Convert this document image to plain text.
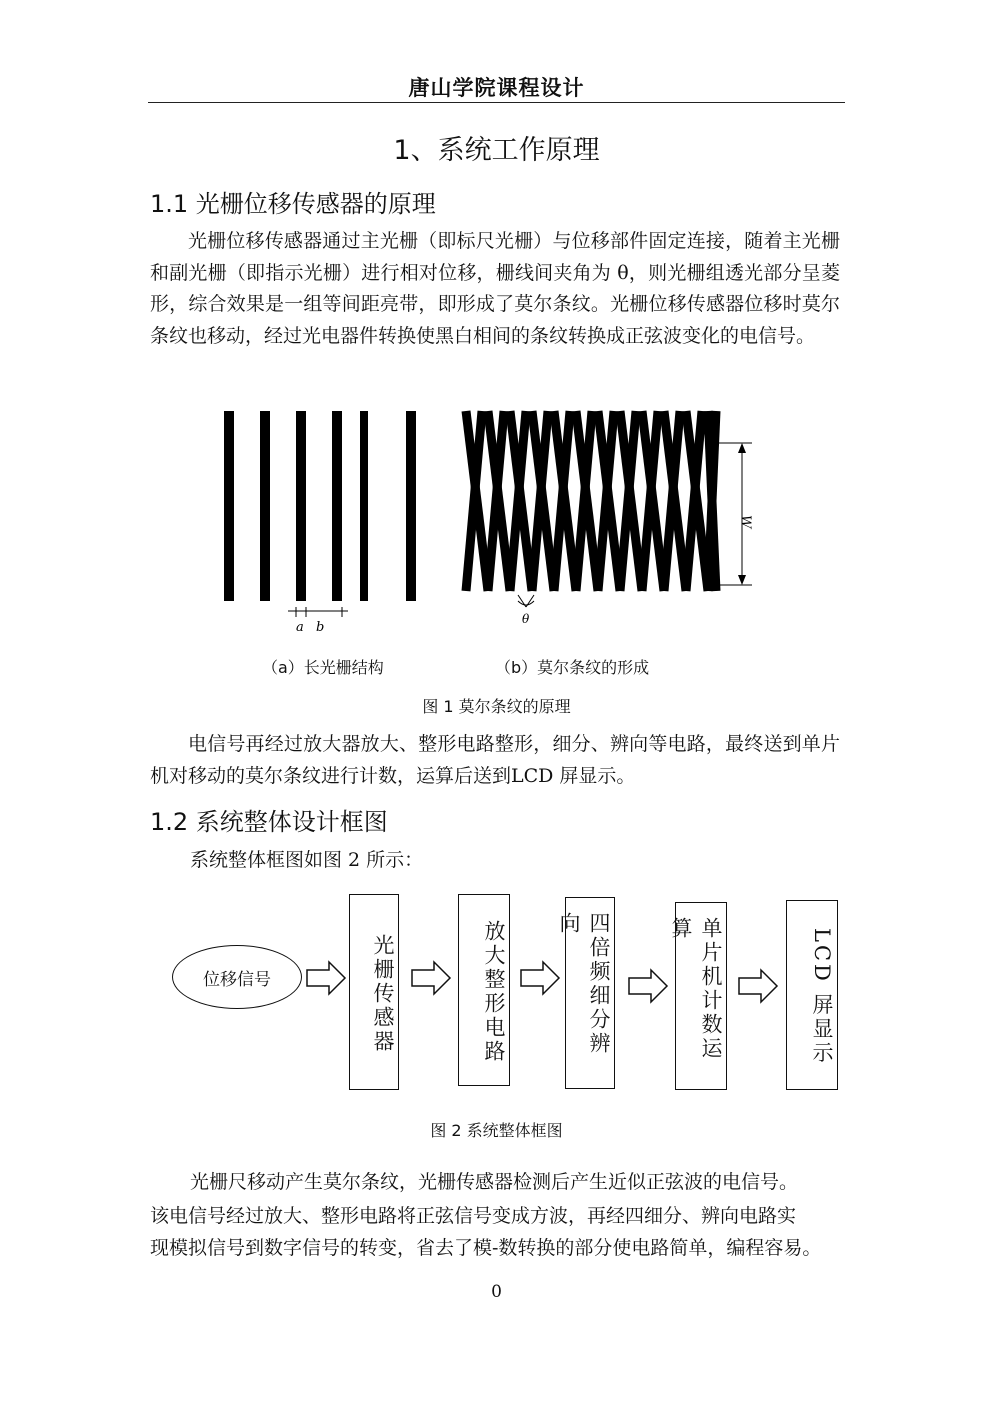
唐山学院课程设计
1、系统工作原理
1.1 光栅位移传感器的原理
光栅位移传感器通过主光栅（即标尺光栅）与位移部件固定连接，随着主光栅和副光栅（即指示光栅）进行相对位移，栅线间夹角为 θ，则光栅组透光部分呈菱形，综合效果是一组等间距亮带，即形成了莫尔条纹。光栅位移传感器位移时莫尔条纹也移动，经过光电器件转换使黑白相间的条纹转换成正弦波变化的电信号。
a b
W
θ
（a）长光栅结构	（b）莫尔条纹的形成
图 1 莫尔条纹的原理
电信号再经过放大器放大、整形电路整形，细分、辨向等电路，最终送到单片机对移动的莫尔条纹进行计数，运算后送到LCD 屏显示。
1.2 系统整体设计框图
系统整体框图如图 2 所示：
位移信号	光栅传感器	放大整形电路	四倍频细分辨向	单片机计数运算	LCD 屏显示
图 2 系统整体框图
光栅尺移动产生莫尔条纹，光栅传感器检测后产生近似正弦波的电信号。
该电信号经过放大、整形电路将正弦信号变成方波，再经四细分、辨向电路实
现模拟信号到数字信号的转变，省去了模-数转换的部分使电路简单，编程容易。
0
